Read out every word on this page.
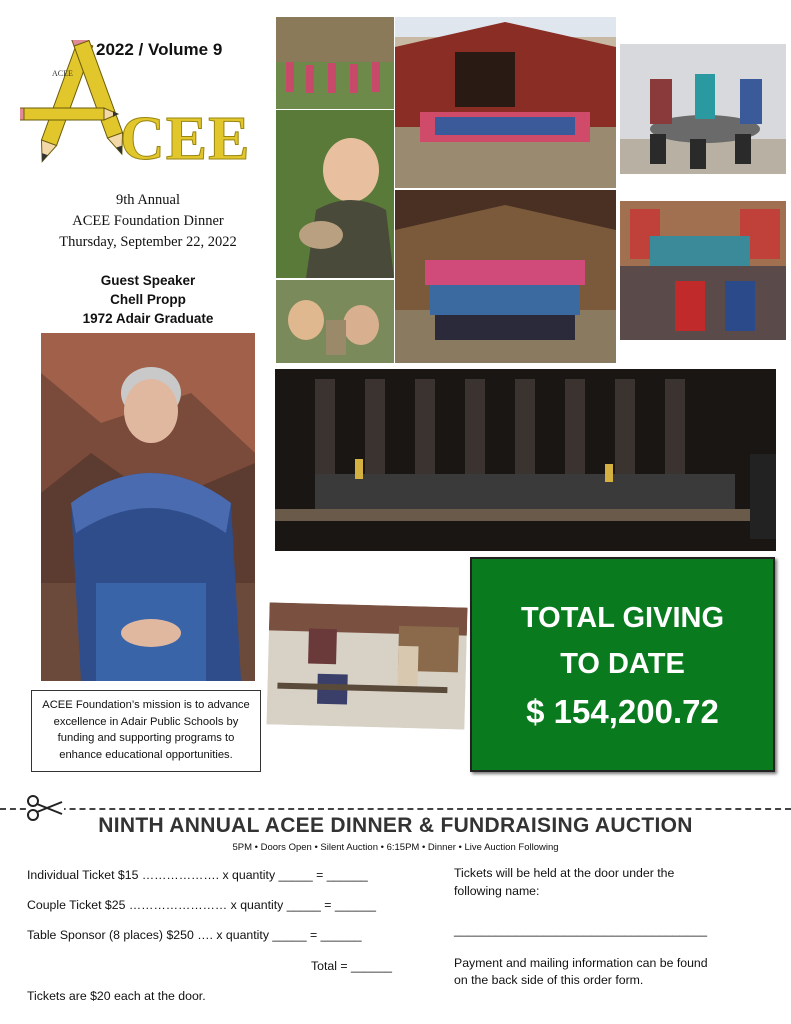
2022 / Volume 9
ACEE
CEE
9th Annual
ACEE Foundation Dinner
Thursday, September 22, 2022
Guest Speaker
Chell Propp
1972 Adair Graduate
ACEE Foundation’s mission is to advance excellence in Adair Public Schools by funding and supporting programs to enhance educational opportunities.
TOTAL GIVING
TO DATE
$ 154,200.72
NINTH ANNUAL ACEE DINNER & FUNDRAISING AUCTION
5PM • Doors Open • Silent Auction • 6:15PM • Dinner • Live Auction Following
Individual Ticket $15 ………………. x quantity _____ = ______
Couple Ticket $25 …………………… x quantity _____ = ______
Table Sponsor (8 places) $250 …. x quantity _____ = ______
Total = ______
Tickets are $20 each at the door.
Tickets will be held at the door under the
following name:
_____________________________________
Payment and mailing information can be found
on the back side of this order form.
